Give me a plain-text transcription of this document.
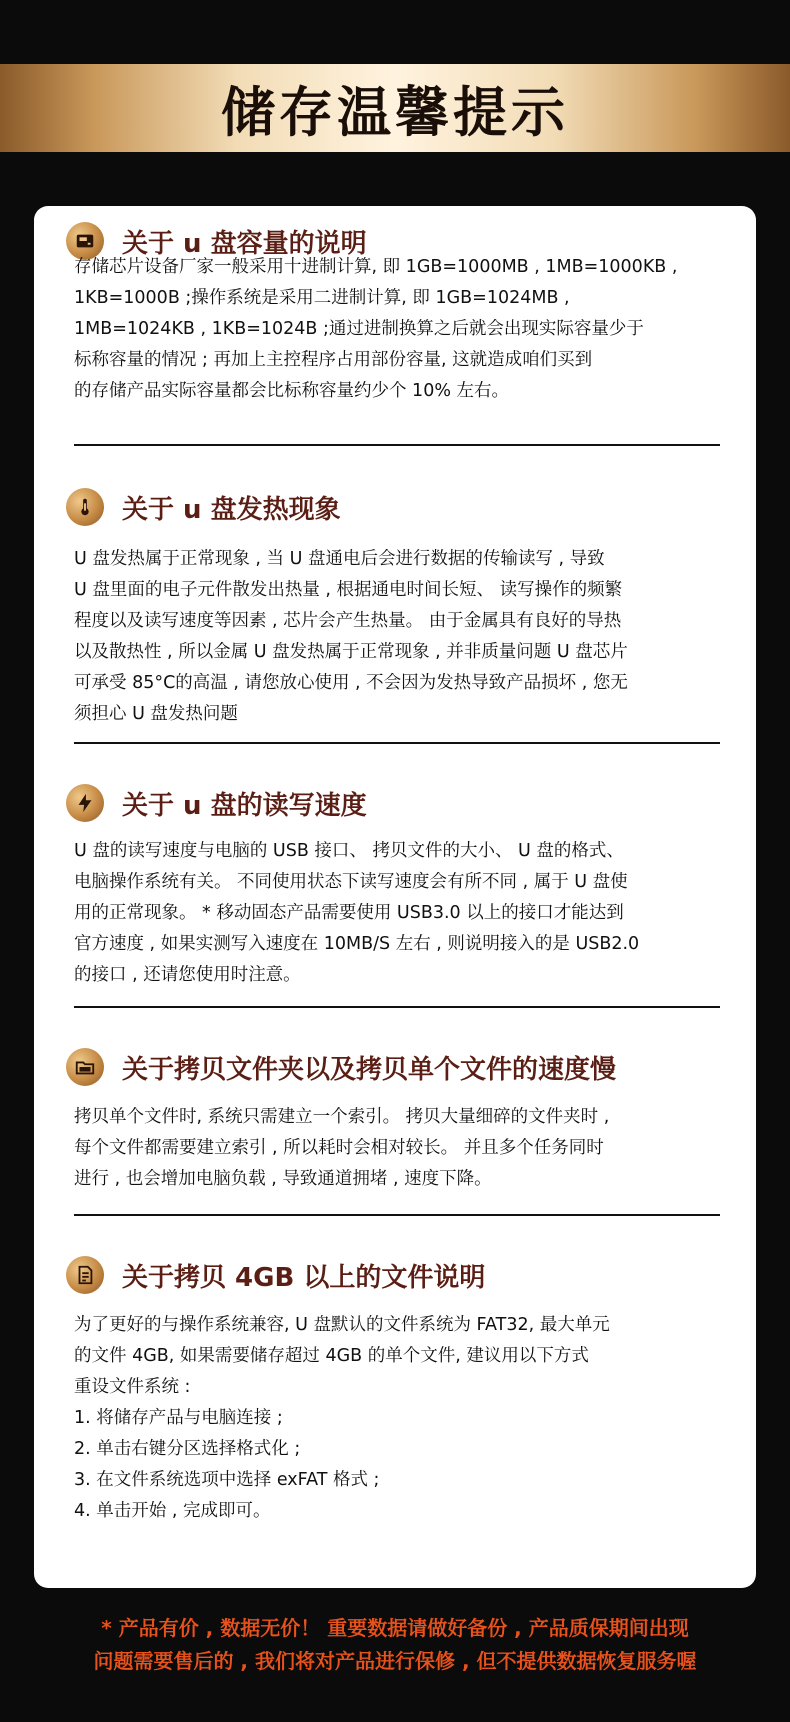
储存温馨提示
关于 u 盘容量的说明

存储芯片设备厂家一般采用十进制计算, 即 1GB=1000MB , 1MB=1000KB ,

1KB=1000B ;操作系统是采用二进制计算, 即 1GB=1024MB ,

1MB=1024KB , 1KB=1024B ;通过进制换算之后就会出现实际容量少于

标称容量的情况 ; 再加上主控程序占用部份容量, 这就造成咱们买到

的存储产品实际容量都会比标称容量约少个 10% 左右。

关于 u 盘发热现象

U 盘发热属于正常现象 , 当 U 盘通电后会进行数据的传输读写 , 导致

U 盘里面的电子元件散发出热量 , 根据通电时间长短、 读写操作的频繁

程度以及读写速度等因素 , 芯片会产生热量。 由于金属具有良好的导热

以及散热性 , 所以金属 U 盘发热属于正常现象 , 并非质量问题 U 盘芯片

可承受 85°C的高温 , 请您放心使用 , 不会因为发热导致产品损坏 , 您无

须担心 U 盘发热问题

关于 u 盘的读写速度

U 盘的读写速度与电脑的 USB 接口、 拷贝文件的大小、 U 盘的格式、

电脑操作系统有关。 不同使用状态下读写速度会有所不同 , 属于 U 盘使

用的正常现象。 * 移动固态产品需要使用 USB3.0 以上的接口才能达到

官方速度 , 如果实测写入速度在 10MB/S 左右 , 则说明接入的是 USB2.0

的接口 , 还请您使用时注意。

关于拷贝文件夹以及拷贝单个文件的速度慢

拷贝单个文件时, 系统只需建立一个索引。 拷贝大量细碎的文件夹时 ,

每个文件都需要建立索引 , 所以耗时会相对较长。 并且多个任务同时

进行 , 也会增加电脑负载 , 导致通道拥堵 , 速度下降。

关于拷贝 4GB 以上的文件说明

为了更好的与操作系统兼容, U 盘默认的文件系统为 FAT32, 最大单元

的文件 4GB, 如果需要储存超过 4GB 的单个文件, 建议用以下方式

重设文件系统 :

1. 将储存产品与电脑连接 ;

2. 单击右键分区选择格式化 ;

3. 在文件系统选项中选择 exFAT 格式 ;

4. 单击开始 , 完成即可。

* 产品有价 , 数据无价！ 重要数据请做好备份 , 产品质保期间出现
问题需要售后的 , 我们将对产品进行保修 , 但不提供数据恢复服务喔
